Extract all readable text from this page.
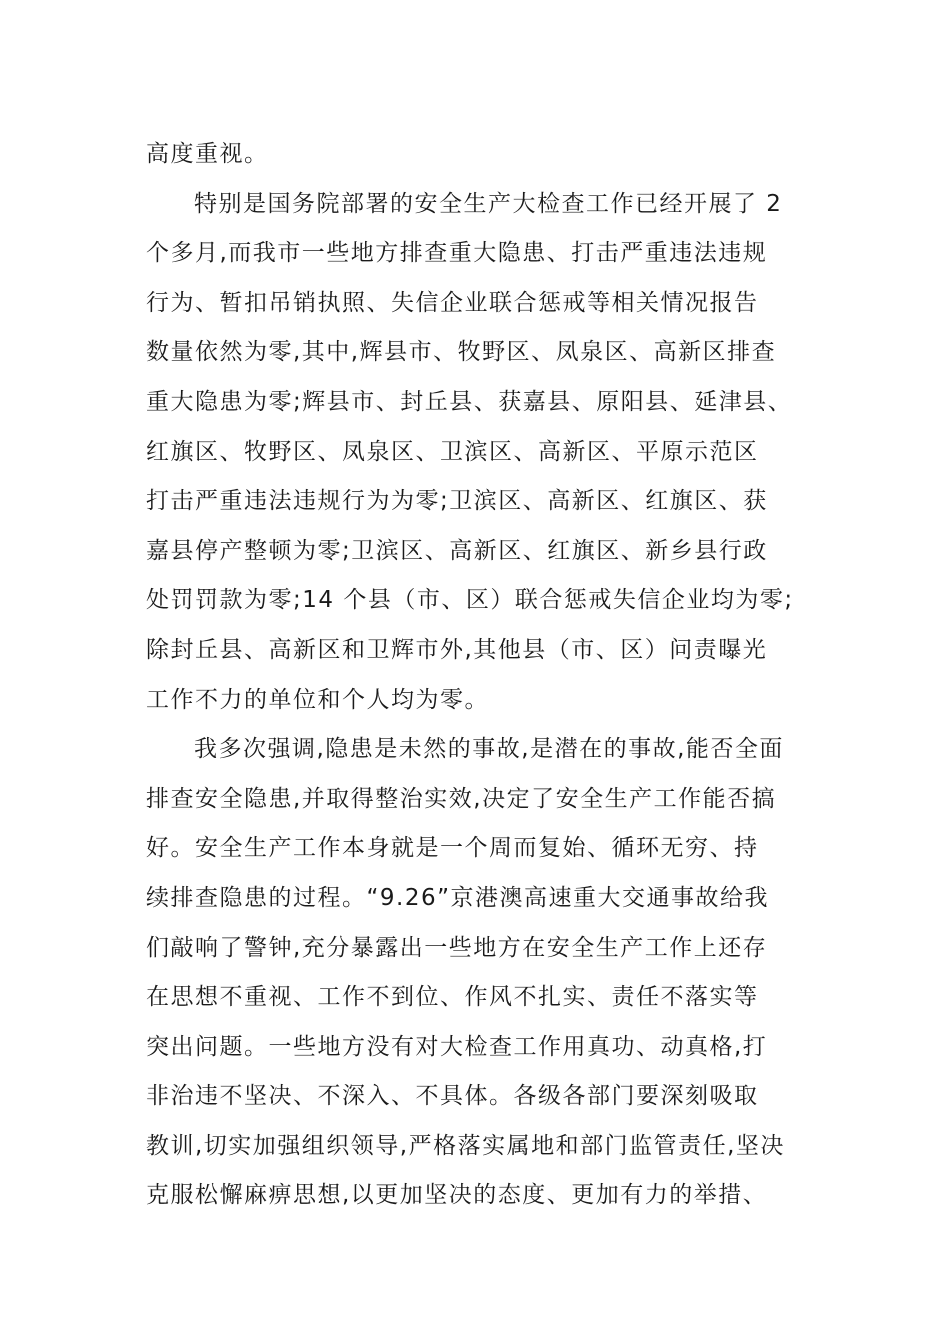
高度重视。
特别是国务院部署的安全生产大检查工作已经开展了 2
个多月,而我市一些地方排查重大隐患、打击严重违法违规
行为、暂扣吊销执照、失信企业联合惩戒等相关情况报告
数量依然为零,其中,辉县市、牧野区、凤泉区、高新区排查
重大隐患为零;辉县市、封丘县、获嘉县、原阳县、延津县、
红旗区、牧野区、凤泉区、卫滨区、高新区、平原示范区
打击严重违法违规行为为零;卫滨区、高新区、红旗区、获
嘉县停产整顿为零;卫滨区、高新区、红旗区、新乡县行政
处罚罚款为零;14 个县（市、区）联合惩戒失信企业均为零;
除封丘县、高新区和卫辉市外,其他县（市、区）问责曝光
工作不力的单位和个人均为零。
我多次强调,隐患是未然的事故,是潜在的事故,能否全面
排查安全隐患,并取得整治实效,决定了安全生产工作能否搞
好。安全生产工作本身就是一个周而复始、循环无穷、持
续排查隐患的过程。“9.26”京港澳高速重大交通事故给我
们敲响了警钟,充分暴露出一些地方在安全生产工作上还存
在思想不重视、工作不到位、作风不扎实、责任不落实等
突出问题。一些地方没有对大检查工作用真功、动真格,打
非治违不坚决、不深入、不具体。各级各部门要深刻吸取
教训,切实加强组织领导,严格落实属地和部门监管责任,坚决
克服松懈麻痹思想,以更加坚决的态度、更加有力的举措、
